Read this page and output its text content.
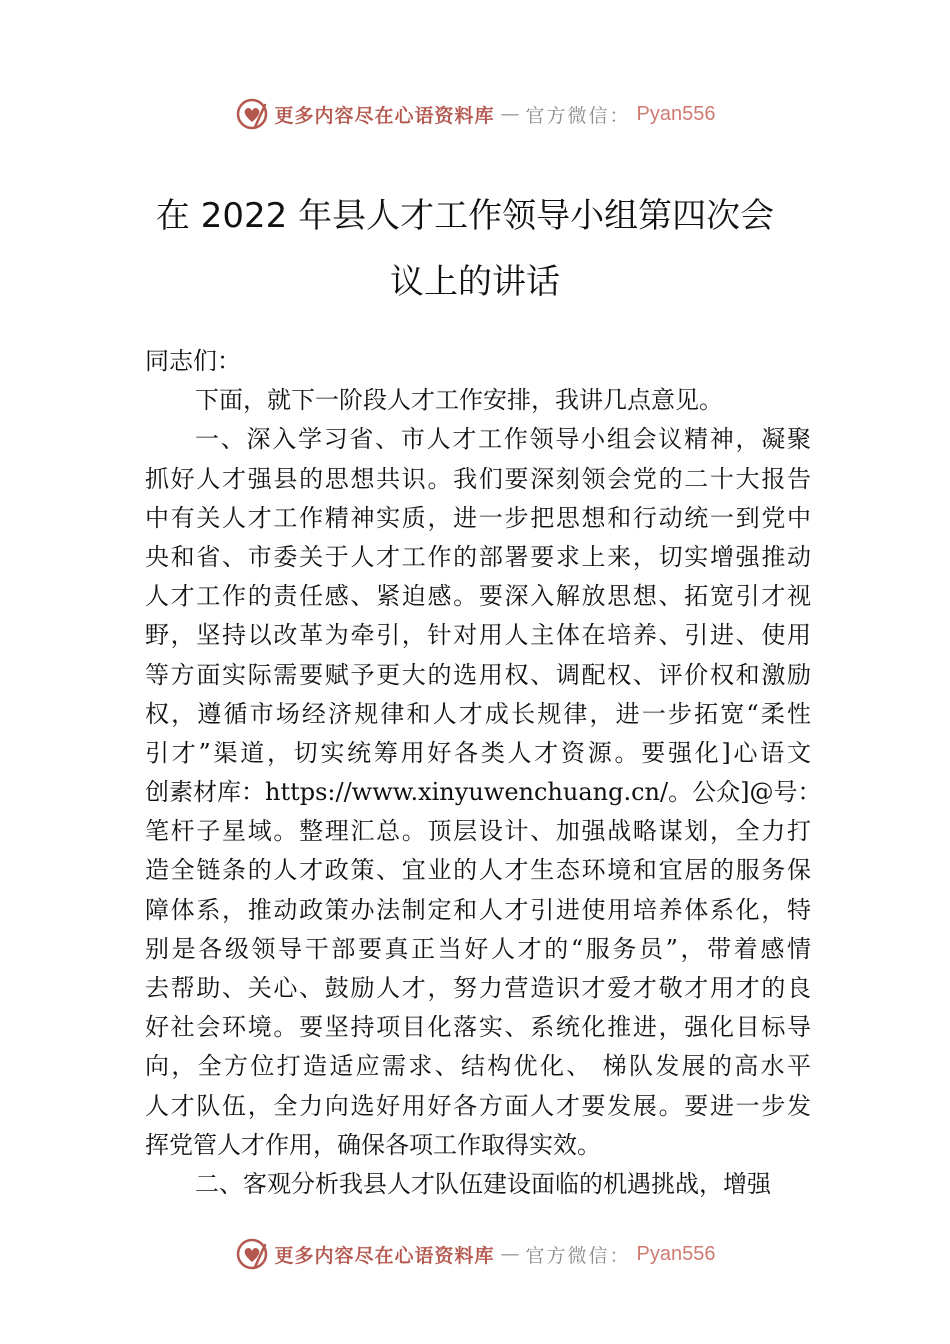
更多内容尽在心语资料库 — 官方微信： Pyan556
在 2022 年县人才工作领导小组第四次会
议上的讲话
同志们：
下面，就下一阶段人才工作安排，我讲几点意见。
一、深入学习省、市人才工作领导小组会议精神，凝聚
抓好人才强县的思想共识。我们要深刻领会党的二十大报告
中有关人才工作精神实质，进一步把思想和行动统一到党中
央和省、市委关于人才工作的部署要求上来，切实增强推动
人才工作的责任感、紧迫感。要深入解放思想、拓宽引才视
野，坚持以改革为牵引，针对用人主体在培养、引进、使用
等方面实际需要赋予更大的选用权、调配权、评价权和激励
权，遵循市场经济规律和人才成长规律，进一步拓宽“柔性
引才”渠道，切实统筹用好各类人才资源。要强化]心语文
创素材库：https://www.xinyuwenchuang.cn/。公众]@号：
笔杆子星域。整理汇总。顶层设计、加强战略谋划，全力打
造全链条的人才政策、宜业的人才生态环境和宜居的服务保
障体系，推动政策办法制定和人才引进使用培养体系化，特
别是各级领导干部要真正当好人才的“服务员”，带着感情
去帮助、关心、鼓励人才，努力营造识才爱才敬才用才的良
好社会环境。要坚持项目化落实、系统化推进，强化目标导
向，全方位打造适应需求、结构优化、 梯队发展的高水平
人才队伍，全力向选好用好各方面人才要发展。要进一步发
挥党管人才作用，确保各项工作取得实效。
二、客观分析我县人才队伍建设面临的机遇挑战，增强
更多内容尽在心语资料库 — 官方微信： Pyan556
